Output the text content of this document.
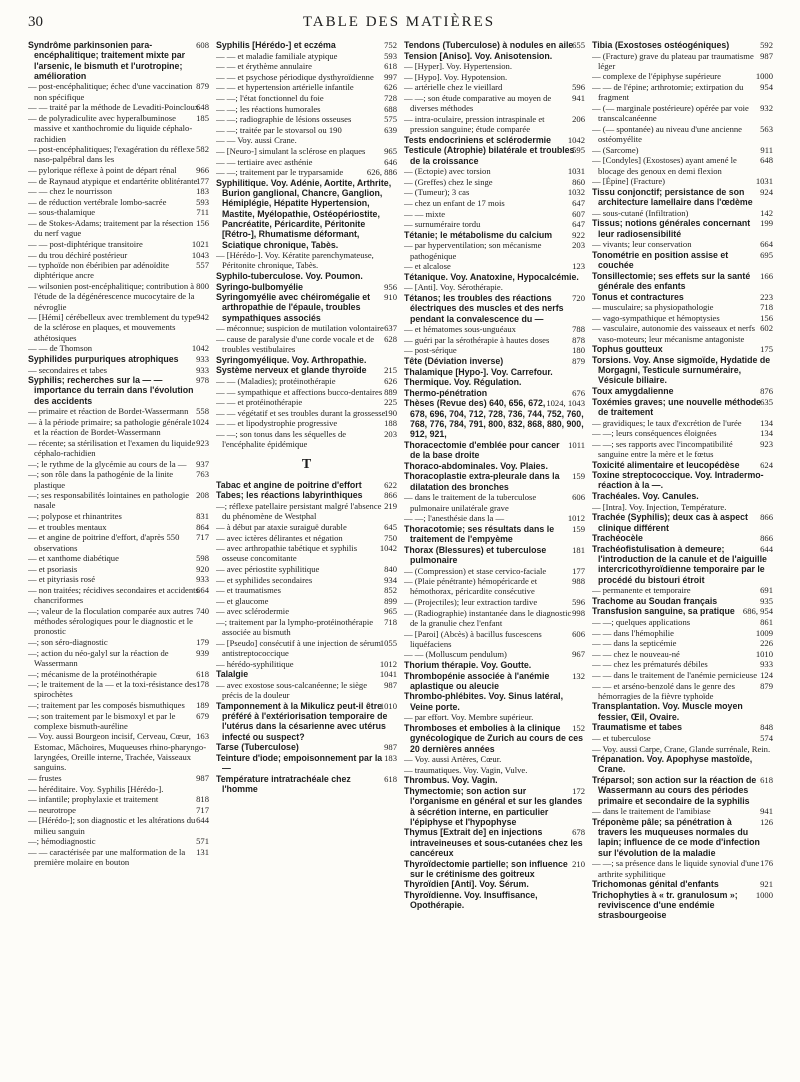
30	TABLE DES MATIÈRES
608
Syndrôme parkinsonien para-encéphalitique; traitement mixte par l'arsenic, le bismuth et l'urotropine; amélioration
879
— post-encéphalitique; échec d'une vaccination non spécifique
648
— — traité par la méthode de Levaditi-Poincloux
185
— de polyradiculite avec hyperalbuminose massive et xanthochromie du liquide céphalo-rachidien
582
— post-encéphalitiques; l'exagération du réflexe naso-palpébral dans les
966
— pylorique réflexe à point de départ rénal
177
— de Raynaud atypique et endartérite oblitérante
183
— — chez le nourrisson
593
— de réduction vertébrale lombo-sacrée
711
— sous-thalamique
156
— de Stokes-Adams; traitement par la résection du nerf vague
1021
— — post-diphtérique transitoire
1043
— du trou déchiré postérieur
557
— typhoïde non ébéribien par adénoïdite diphtérique ancre
800
— wilsonien post-encéphalitique; contribution à l'étude de la dégénérescence mucocytaire de la névroglie
942
— [Hémi] cérébelleux avec tremblement du type de la sclérose en plaques, et mouvements athétosiques
1042
— — de Thomson
933
Syphilides purpuriques atrophiques
933
— secondaires et tabes
978
Syphilis; recherches sur la — — importance du terrain dans l'évolution des accidents
558
— primaire et réaction de Bordet-Wassermann
1024
— à la période primaire; sa pathologie générale et la réaction de Bordet-Wassermann
923
— récente; sa stérilisation et l'examen du liquide céphalo-rachidien
937
—; le rythme de la glycémie au cours de la —
763
—; son rôle dans la pathogénie de la linite plastique
208
—; ses responsabilités lointaines en pathologie nasale
831
—; polypose et rhinantrites
864
— et troubles mentaux
717
— et angine de poitrine d'effort, d'après 550 observations
598
— et xanthome diabétique
920
— et psoriasis
933
— et pityriasis rosé
664
— non traitées; récidives secondaires et accidents chancriformes
740
—; valeur de la floculation comparée aux autres méthodes sérologiques pour le diagnostic et le pronostic
179
—; son séro-diagnostic
939
—; action du néo-galyl sur la réaction de Wassermann
618
—; mécanisme de la protéinothérapie
178
—; le traitement de la — et la toxi-résistance des spirochètes
189
—; traitement par les composés bismuthiques
679
—; son traitement par le bismoxyl et par le complexe bismuth-auréline
163
— Voy. aussi Bourgeon incisif, Cerveau, Cœur, Estomac, Mâchoires, Muqueuses rhino-pharyngo-laryngées, Oreille interne, Trachée, Vaisseaux sanguins.
987
— frustes
— héréditaire. Voy. Syphilis [Hérédo-].
818
— infantile; prophylaxie et traitement
717
— neurotrope
644
— [Hérédo-]; son diagnostic et les altérations du milieu sanguin
571
—; hémodiagnostic
131
— — caractérisée par une malformation de la première molaire en bouton
752
Syphilis [Hérédo-] et eczéma
593
— — et maladie familiale atypique
618
— — et érythème annulaire
997
— — et psychose périodique dysthyroïdienne
626
— — et hypertension artérielle infantile
728
— —; l'état fonctionnel du foie
688
— —; les réactions humorales
575
— —; radiographie de lésions osseuses
639
— —; traitée par le stovarsol ou 190
— — Voy. aussi Crane.
965
— [Neuro-] simulant la sclérose en plaques
646
— — tertiaire avec asthénie
626, 886
— —; traitement par le tryparsamide
Syphilitique. Voy. Adénie, Aortite, Arthrite, Burion ganglional, Chancre, Ganglion, Hémiplégie, Hépatite Hypertension, Mastite, Myélopathie, Ostéopériostite, Pancréatite, Péricardite, Péritonite [Rétro-], Rhumatisme déformant, Sciatique chronique, Tabès.
— [Hérédo-]. Voy. Kératite parenchymateuse, Péritonite chronique, Tabès.
Syphilo-tuberculose. Voy. Poumon.
956
Syringo-bulbomyélie
910
Syringomyélie avec chéiromégalie et arthropathie de l'épaule, troubles sympathiques associés
637
— méconnue; suspicion de mutilation volontaire
628
— cause de paralysie d'une corde vocale et de troubles vestibulaires
Syringomyélique. Voy. Arthropathie.
215
Système nerveux et glande thyroïde
626
— — (Maladies); protéinothérapie
889
— — sympathique et affections bucco-dentaires
225
— — et protéinothérapie
190
— — végétatif et ses troubles durant la grossesse
188
— — et lipodystrophie progressive
203
— —; son tonus dans les séquelles de l'encéphalite épidémique
T
622
Tabac et angine de poitrine d'effort
866
Tabes; les réactions labyrinthiques
219
—; réflexe patellaire persistant malgré l'absence du phénomène de Westphal
645
— à début par ataxie suraiguë durable
750
— avec ictères délirantes et négation
1042
— avec arthropathie tabétique et syphilis osseuse concomitante
840
— avec périostite syphilitique
934
— et syphilides secondaires
852
— et traumatismes
899
— et glaucome
965
— avec sclérodermie
718
—; traitement par la lympho-protéinothérapie associée au bismuth
1055
— [Pseudo] consécutif à une injection de sérum antistreptococcique
1012
— hérédo-syphilitique
1041
Talalgie
987
— avec exostose sous-calcanéenne; le siège précis de la douleur
1010
Tamponnement à la Mikulicz peut-il être préféré à l'extériorisation temporaire de l'utérus dans la césarienne avec utérus infecté ou suspect?
987
Tarse (Tuberculose)
183
Teinture d'iode; empoisonnement par la —
618
Température intratrachéale chez l'homme
655
Tendons (Tuberculose) à nodules en aile
Tension [Aniso]. Voy. Anisotension.
— [Hyper]. Voy. Hypertension.
— [Hypo]. Voy. Hypotension.
596
— artérielle chez le vieillard
941
— —; son étude comparative au moyen de diverses méthodes
206
— intra-oculaire, pression intraspinale et pression sanguine; étude comparée
1042
Tests endocriniens et sclérodermie
595
Testicule (Atrophie) bilatérale et troubles de la croissance
1031
— (Ectopie) avec torsion
860
— (Greffes) chez le singe
1032
— (Tumeur); 3 cas
647
— chez un enfant de 17 mois
607
— — mixte
647
— surnuméraire tordu
922
Tétanie; le métabolisme du calcium
203
— par hyperventilation; son mécanisme pathogénique
123
— et alcalose
Tétanique. Voy. Anatoxine, Hypocalcémie.
— [Anti]. Voy. Sérothérapie.
720
Tétanos; les troubles des réactions électriques des muscles et des nerfs pendant la convalescence du —
788
— et hématomes sous-unguéaux
878
— guéri par la sérothérapie à hautes doses
180
— post-sérique
879
Tête (Déviation inverse)
Thalamique [Hypo-]. Voy. Carrefour.
Thermique. Voy. Régulation.
676
Thermo-pénétration
1024, 1043
Thèses (Revue des) 640, 656, 672, 678, 696, 704, 712, 728, 736, 744, 752, 760, 768, 776, 784, 791, 800, 832, 868, 880, 900, 912, 921,
1011
Thoracectomie d'emblée pour cancer de la base droite
Thoraco-abdominales. Voy. Plaies.
159
Thoracoplastie extra-pleurale dans la dilatation des bronches
606
— dans le traitement de la tuberculose pulmonaire unilatérale grave
1012
— —; l'anesthésie dans la —
159
Thoracotomie; ses résultats dans le traitement de l'empyème
181
Thorax (Blessures) et tuberculose pulmonaire
177
— (Compression) et stase cervico-faciale
988
— (Plaie pénétrante) hémopéricarde et hémothorax, péricardite consécutive
596
— (Projectiles); leur extraction tardive
998
— (Radiographie) instantanée dans le diagnostic de la granulie chez l'enfant
606
— [Paroi] (Abcès) à bacillus fuscescens liquéfaciens
967
— — (Molluscum pendulum)
Thorium thérapie. Voy. Goutte.
132
Thrombopénie associée à l'anémie aplastique ou aleucie
Thrombo-phlébites. Voy. Sinus latéral, Veine porte.
— par effort. Voy. Membre supérieur.
152
Thromboses et embolies à la clinique gynécologique de Zurich au cours de ces 20 dernières années
— Voy. aussi Artères, Cœur.
— traumatiques. Voy. Vagin, Vulve.
Thrombus. Voy. Vagin.
172
Thymectomie; son action sur l'organisme en général et sur les glandes à sécrétion interne, en particulier l'épiphyse et l'hypophyse
678
Thymus [Extrait de] en injections intraveineuses et sous-cutanées chez les cancéreux
210
Thyroïdectomie partielle; son influence sur le crétinisme des goitreux
Thyroïdien [Anti]. Voy. Sérum.
Thyroïdienne. Voy. Insuffisance, Opothérapie.
592
Tibia (Exostoses ostéogéniques)
987
— (Fracture) grave du plateau par traumatisme léger
1000
— complexe de l'épiphyse supérieure
954
— — de l'épine; arthrotomie; extirpation du fragment
932
— (— marginale postérieure) opérée par voie transcalcanéenne
563
— (— spontanée) au niveau d'une ancienne ostéomyélite
911
— (Sarcome)
648
— [Condyles] (Exostoses) ayant amené le blocage des genoux en demi flexion
1031
— [Épine] (Fracture)
924
Tissu conjonctif; persistance de son architecture lamellaire dans l'œdème
142
— sous-cutané (Infiltration)
199
Tissus; notions générales concernant leur radiosensibilité
664
— vivants; leur conservation
695
Tonométrie en position assise et couchée
166
Tonsillectomie; ses effets sur la santé générale des enfants
223
Tonus et contractures
718
— musculaire; sa physiopathologie
156
— vago-sympathique et hémoptysies
602
— vasculaire, autonomie des vaisseaux et nerfs vaso-moteurs; leur mécanisme antagoniste
175
Tophus goutteux
Torsions. Voy. Anse sigmoïde, Hydatide de Morgagni, Testicule surnuméraire, Vésicule biliaire.
876
Toux amygdalienne
635
Toxémies graves; une nouvelle méthode de traitement
134
— gravidiques; le taux d'excrétion de l'urée
134
— —; leurs conséquences éloignées
923
— —; ses rapports avec l'incompatibilité sanguine entre la mère et le fœtus
624
Toxicité alimentaire et leucopédèse
Toxine streptococcique. Voy. Intradermo-réaction à la —.
Trachéales. Voy. Canules.
— [Intra]. Voy. Injection, Température.
866
Trachée (Syphilis); deux cas à aspect clinique différent
866
Trachéocèle
644
Trachéofistulisation à demeure; l'introduction de la canule et de l'aiguille intercricothyroïdienne temporaire par le procédé du bistouri étroit
691
— permanente et temporaire
935
Trachome au Soudan français
686, 954
Transfusion sanguine, sa pratique
861
— —; quelques applications
1009
— — dans l'hémophilie
226
— — dans la septicémie
1010
— — chez le nouveau-né
933
— — chez les prématurés débiles
124
— — dans le traitement de l'anémie pernicieuse
879
— — et arséno-benzolé dans le genre des hémorragies de la fièvre typhoïde
Transplantation. Voy. Muscle moyen fessier, Œil, Ovaire.
848
Traumatisme et tabes
574
— et tuberculose
— Voy. aussi Carpe, Crane, Glande surrénale, Rein.
Trépanation. Voy. Apophyse mastoïde, Crane.
618
Tréparsol; son action sur la réaction de Wassermann au cours des périodes primaire et secondaire de la syphilis
941
— dans le traitement de l'amibiase
126
Tréponème pâle; sa pénétration à travers les muqueuses normales du lapin; influence de ce mode d'infection sur l'évolution de la maladie
176
— —; sa présence dans le liquide synovial d'une arthrite syphilitique
921
Trichomonas génital d'enfants
1000
Trichophyties à « tr. granulosum »; reviviscence d'une endémie strasbourgeoise
